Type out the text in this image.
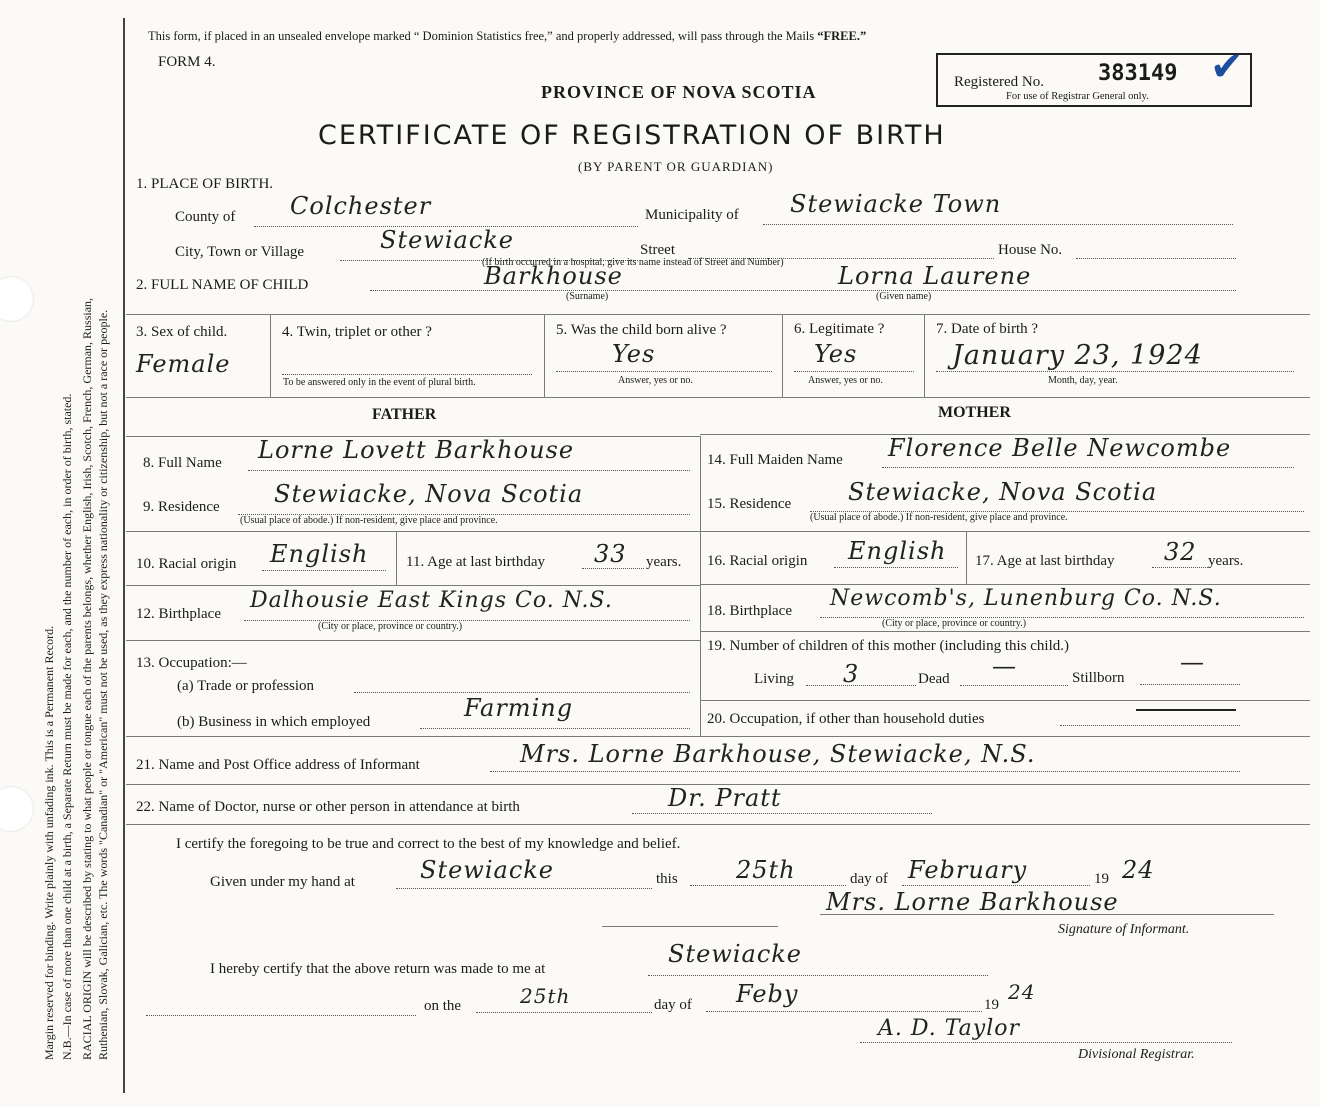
Margin reserved for binding. Write plainly with unfading ink. This is a Permanent Record. N.B.—In case of more than one child at a birth, a Separate Return must be made for each, and the number of each, in order of birth, stated. RACIAL ORIGIN will be described by stating to what people or tongue each of the parents belongs, whether English, Irish, Scotch, French, German, Russian, Ruthenian, Slovak, Galician, etc. The words "Canadian" or "American" must not be used, as they express nationality or citizenship, but not a race or people.
This form, if placed in an unsealed envelope marked “ Dominion Statistics free,” and properly addressed, will pass through the Mails “FREE.”
FORM 4.
PROVINCE OF NOVA SCOTIA
CERTIFICATE OF REGISTRATION OF BIRTH
(BY PARENT OR GUARDIAN)
Registered No. 383149
For use of Registrar General only.
✔
1. PLACE OF BIRTH.
County of Colchester	Municipality of Stewiacke Town
City, Town or Village	Stewiacke	Street	House No.
(If birth occurred in a hospital, give its name instead of Street and Number)
2. FULL NAME OF CHILD	Barkhouse
(Surname)
Lorna Laurene
(Given name)
3. Sex of child.
Female
4. Twin, triplet or other ?
To be answered only in the event of plural birth.
5. Was the child born alive ?
Yes
Answer, yes or no.
6. Legitimate ?
Yes
Answer, yes or no.
7. Date of birth ?
January 23, 1924
Month, day, year.
FATHER	MOTHER
8. Full Name Lorne Lovett Barkhouse	14. Full Maiden Name Florence Belle Newcombe
9. Residence Stewiacke, Nova Scotia
(Usual place of abode.) If non-resident, give place and province.
15. Residence Stewiacke, Nova Scotia
(Usual place of abode.) If non-resident, give place and province.
10. Racial origin English	11. Age at last birthday 33 years. 16. Racial origin English 17. Age at last birthday 32 years.
12. Birthplace
Dalhousie East Kings Co. N.S.
(City or place, province or country.)
18. Birthplace Newcomb's, Lunenburg Co. N.S.
(City or place, province or country.)
13. Occupation:—
(a) Trade or profession
(b) Business in which employed	Farming
19. Number of children of this mother (including this child.)
Living 3	Dead —	Stillborn
—
20. Occupation, if other than household duties
21. Name and Post Office address of Informant	Mrs. Lorne Barkhouse, Stewiacke, N.S.
22. Name of Doctor, nurse or other person in attendance at birth	Dr. Pratt
I certify the foregoing to be true and correct to the best of my knowledge and belief.
Given under my hand at	Stewiacke	this 25th	day of February	19 24
Mrs. Lorne Barkhouse
Signature of Informant.
I hereby certify that the above return was made to me at
Stewiacke
on the	25th	day of Feby	19
24
A. D. Taylor
Divisional Registrar.
